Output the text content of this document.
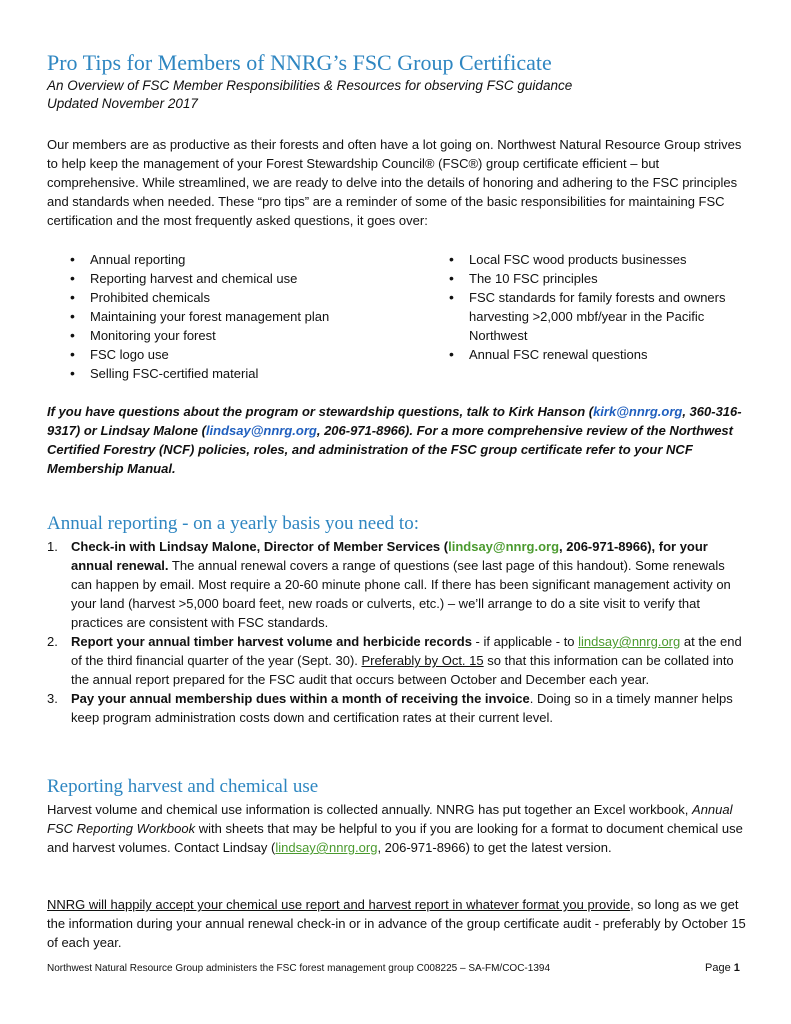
Pro Tips for Members of NNRG’s FSC Group Certificate
An Overview of FSC Member Responsibilities & Resources for observing FSC guidance
Updated November 2017
Our members are as productive as their forests and often have a lot going on. Northwest Natural Resource Group strives to help keep the management of your Forest Stewardship Council® (FSC®) group certificate efficient – but comprehensive. While streamlined, we are ready to delve into the details of honoring and adhering to the FSC principles and standards when needed. These “pro tips” are a reminder of some of the basic responsibilities for maintaining FSC certification and the most frequently asked questions, it goes over:
• Annual reporting
• Reporting harvest and chemical use
• Prohibited chemicals
• Maintaining your forest management plan
• Monitoring your forest
• FSC logo use
• Selling FSC-certified material
• Local FSC wood products businesses
• The 10 FSC principles
• FSC standards for family forests and owners harvesting >2,000 mbf/year in the Pacific Northwest
• Annual FSC renewal questions
If you have questions about the program or stewardship questions, talk to Kirk Hanson (kirk@nnrg.org, 360-316-9317) or Lindsay Malone (lindsay@nnrg.org, 206-971-8966). For a more comprehensive review of the Northwest Certified Forestry (NCF) policies, roles, and administration of the FSC group certificate refer to your NCF Membership Manual.
Annual reporting - on a yearly basis you need to:
1. Check-in with Lindsay Malone, Director of Member Services (lindsay@nnrg.org, 206-971-8966), for your annual renewal. The annual renewal covers a range of questions (see last page of this handout). Some renewals can happen by email. Most require a 20-60 minute phone call. If there has been significant management activity on your land (harvest >5,000 board feet, new roads or culverts, etc.) – we’ll arrange to do a site visit to verify that practices are consistent with FSC standards.
2. Report your annual timber harvest volume and herbicide records - if applicable - to lindsay@nnrg.org at the end of the third financial quarter of the year (Sept. 30). Preferably by Oct. 15 so that this information can be collated into the annual report prepared for the FSC audit that occurs between October and December each year.
3. Pay your annual membership dues within a month of receiving the invoice. Doing so in a timely manner helps keep program administration costs down and certification rates at their current level.
Reporting harvest and chemical use
Harvest volume and chemical use information is collected annually. NNRG has put together an Excel workbook, Annual FSC Reporting Workbook with sheets that may be helpful to you if you are looking for a format to document chemical use and harvest volumes. Contact Lindsay (lindsay@nnrg.org, 206-971-8966) to get the latest version.
NNRG will happily accept your chemical use report and harvest report in whatever format you provide, so long as we get the information during your annual renewal check-in or in advance of the group certificate audit - preferably by October 15 of each year.
Northwest Natural Resource Group administers the FSC forest management group C008225 – SA-FM/COC-1394	Page 1
